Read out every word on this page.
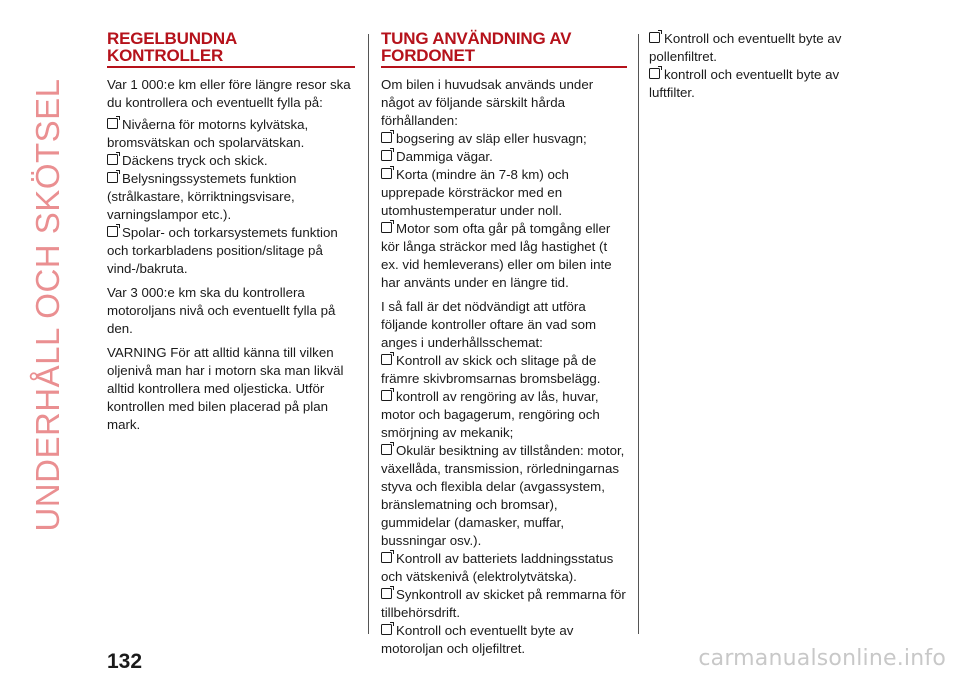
UNDERHÅLL OCH SKÖTSEL
REGELBUNDNA KONTROLLER

Var 1 000:e km eller före längre resor ska du kontrollera och eventuellt fylla på:

Nivåerna för motorns kylvätska, bromsvätskan och spolarvätskan.
Däckens tryck och skick.
Belysningssystemets funktion (strålkastare, körriktningsvisare, varningslampor etc.).
Spolar- och torkarsystemets funktion och torkarbladens position/slitage på vind-/bakruta.

Var 3 000:e km ska du kontrollera motoroljans nivå och eventuellt fylla på den.

VARNING För att alltid känna till vilken oljenivå man har i motorn ska man likväl alltid kontrollera med oljesticka. Utför kontrollen med bilen placerad på plan mark.

TUNG ANVÄNDNING AV FORDONET

Om bilen i huvudsak används under något av följande särskilt hårda förhållanden:

bogsering av släp eller husvagn;
Dammiga vägar.
Korta (mindre än 7-8 km) och upprepade körsträckor med en utomhustemperatur under noll.
Motor som ofta går på tomgång eller kör långa sträckor med låg hastighet (t ex. vid hemleverans) eller om bilen inte har använts under en längre tid.

I så fall är det nödvändigt att utföra följande kontroller oftare än vad som anges i underhållsschemat:

Kontroll av skick och slitage på de främre skivbromsarnas bromsbelägg.
kontroll av rengöring av lås, huvar, motor och bagagerum, rengöring och smörjning av mekanik;
Okulär besiktning av tillstånden: motor, växellåda, transmission, rörledningarnas styva och flexibla delar (avgassystem, bränslematning och bromsar), gummidelar (damasker, muffar, bussningar osv.).
Kontroll av batteriets laddningsstatus och vätskenivå (elektrolytvätska).
Synkontroll av skicket på remmarna för tillbehörsdrift.
Kontroll och eventuellt byte av motoroljan och oljefiltret.
Kontroll och eventuellt byte av pollenfiltret.
kontroll och eventuellt byte av luftfilter.
132	carmanualsonline.info
